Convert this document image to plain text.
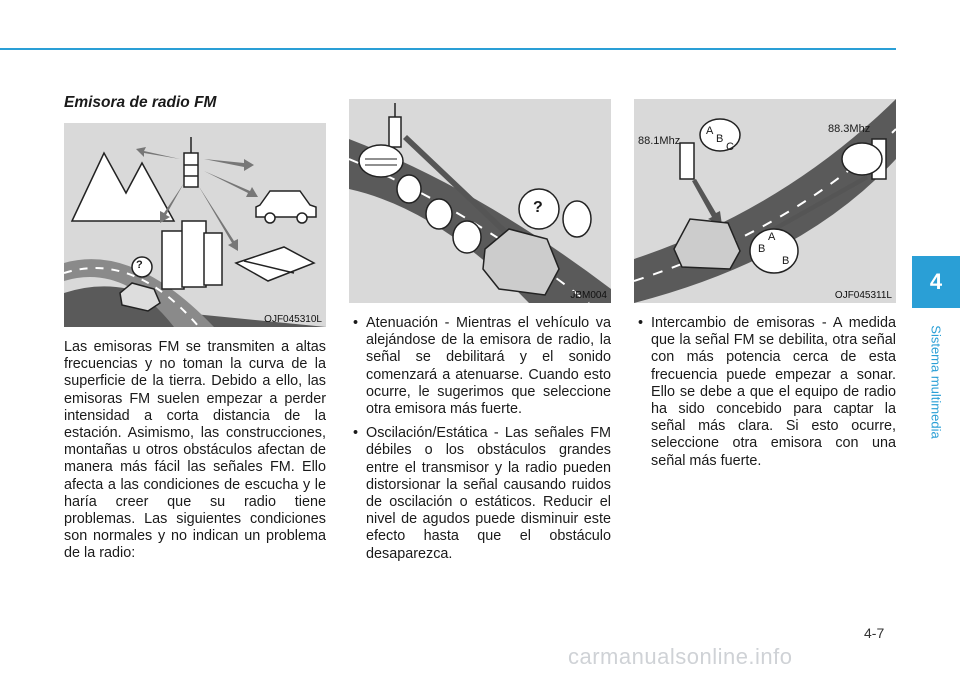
Emisora de radio FM
?
OJF045310L
?
JBM004
88.1Mhz
88.3Mhz
A
B
C
A
B
B
OJF045311L
Las emisoras FM se transmiten a altas frecuencias y no toman la curva de la superficie de la tierra. Debido a ello, las emisoras FM suelen empezar a perder intensidad a corta distancia de la estación. Asimismo, las construcciones, montañas u otros obstáculos afectan de manera más fácil las señales FM. Ello afecta a las condiciones de escucha y le haría creer que su radio tiene problemas. Las siguientes condiciones son normales y no indican un problema de la radio:
• Atenuación - Mientras el vehículo va alejándose de la emisora de radio, la señal se debilitará y el sonido comenzará a atenuarse. Cuando esto ocurre, le sugerimos que seleccione otra emisora más fuerte.
• Oscilación/Estática - Las señales FM débiles o los obstáculos grandes entre el transmisor y la radio pueden distorsionar la señal causando ruidos de oscilación o estáticos. Reducir el nivel de agudos puede disminuir este efecto hasta que el obstáculo desaparezca.
• Intercambio de emisoras - A medida que la señal FM se debilita, otra señal con más potencia cerca de esta frecuencia puede empezar a sonar. Ello se debe a que el equipo de radio ha sido concebido para captar la señal más clara. Si esto ocurre, seleccione otra emisora con una señal más fuerte.
4
Sistema multimedia
4-7
carmanualsonline.info
